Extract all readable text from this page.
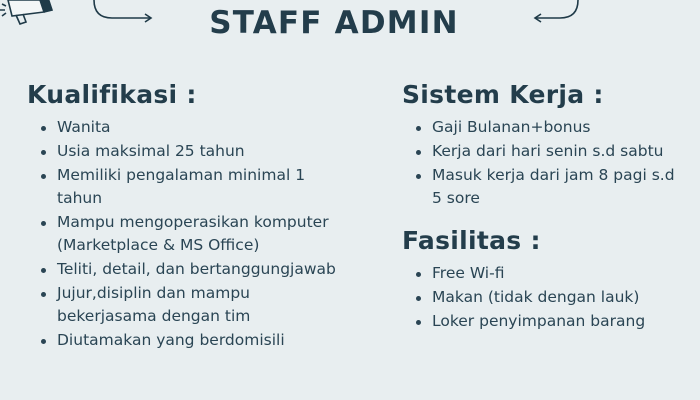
STAFF ADMIN
Kualifikasi :
Wanita
Usia maksimal 25 tahun
Memiliki pengalaman minimal 1 tahun
Mampu mengoperasikan komputer (Marketplace & MS Office)
Teliti, detail, dan bertanggungjawab
Jujur,disiplin dan mampu bekerjasama dengan tim
Diutamakan yang berdomisili
Sistem Kerja :
Gaji Bulanan+bonus
Kerja dari hari senin s.d sabtu
Masuk kerja dari jam 8 pagi s.d 5 sore
Fasilitas :
Free Wi-fi
Makan (tidak dengan lauk)
Loker penyimpanan barang
